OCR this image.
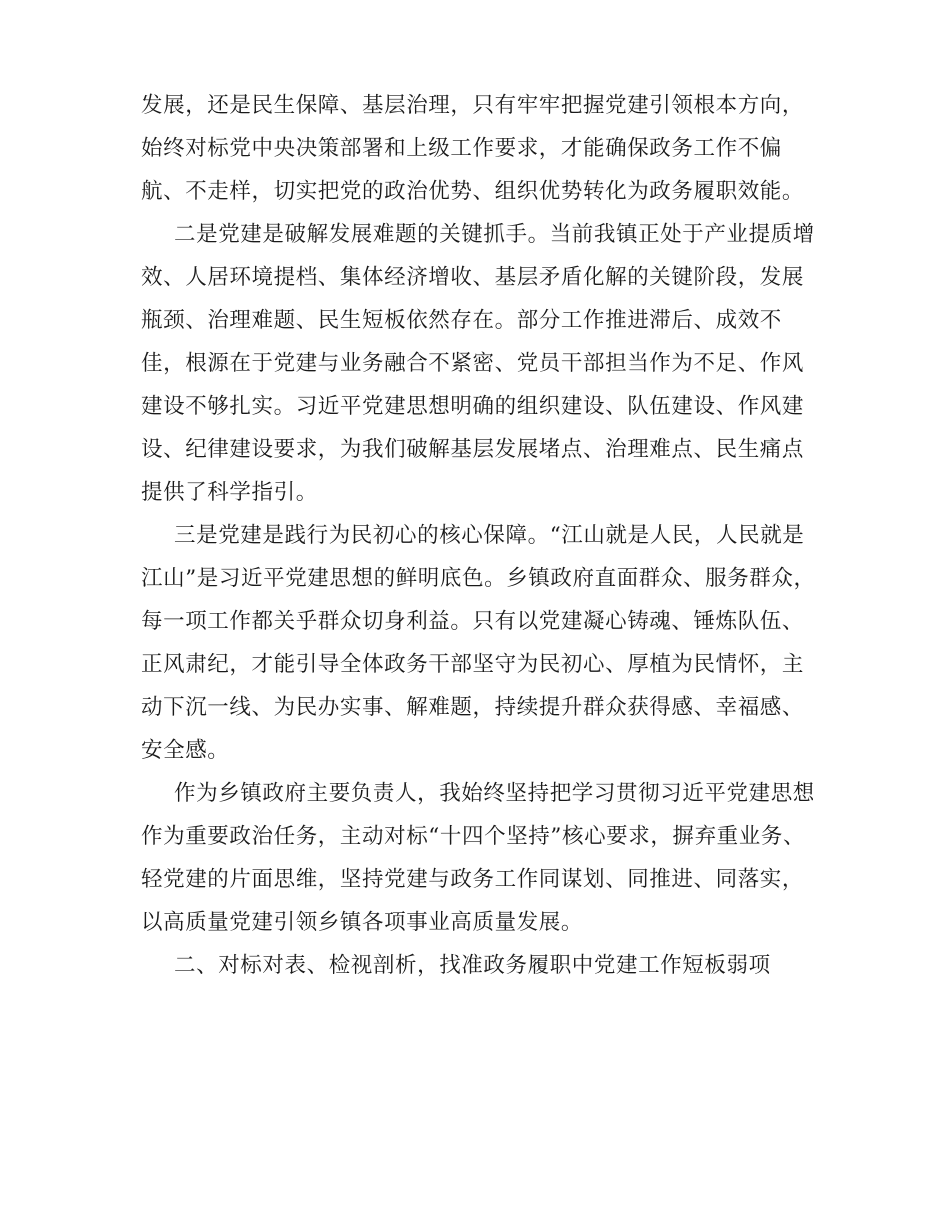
发展，还是民生保障、基层治理，只有牢牢把握党建引领根本方向，
始终对标党中央决策部署和上级工作要求，才能确保政务工作不偏
航、不走样，切实把党的政治优势、组织优势转化为政务履职效能。

二是党建是破解发展难题的关键抓手。当前我镇正处于产业提质增
效、人居环境提档、集体经济增收、基层矛盾化解的关键阶段，发展
瓶颈、治理难题、民生短板依然存在。部分工作推进滞后、成效不
佳，根源在于党建与业务融合不紧密、党员干部担当作为不足、作风
建设不够扎实。习近平党建思想明确的组织建设、队伍建设、作风建
设、纪律建设要求，为我们破解基层发展堵点、治理难点、民生痛点
提供了科学指引。

三是党建是践行为民初心的核心保障。“江山就是人民，人民就是
江山”是习近平党建思想的鲜明底色。乡镇政府直面群众、服务群众，
每一项工作都关乎群众切身利益。只有以党建凝心铸魂、锤炼队伍、
正风肃纪，才能引导全体政务干部坚守为民初心、厚植为民情怀，主
动下沉一线、为民办实事、解难题，持续提升群众获得感、幸福感、
安全感。

作为乡镇政府主要负责人，我始终坚持把学习贯彻习近平党建思想
作为重要政治任务，主动对标“十四个坚持”核心要求，摒弃重业务、
轻党建的片面思维，坚持党建与政务工作同谋划、同推进、同落实，
以高质量党建引领乡镇各项事业高质量发展。

二、对标对表、检视剖析，找准政务履职中党建工作短板弱项
